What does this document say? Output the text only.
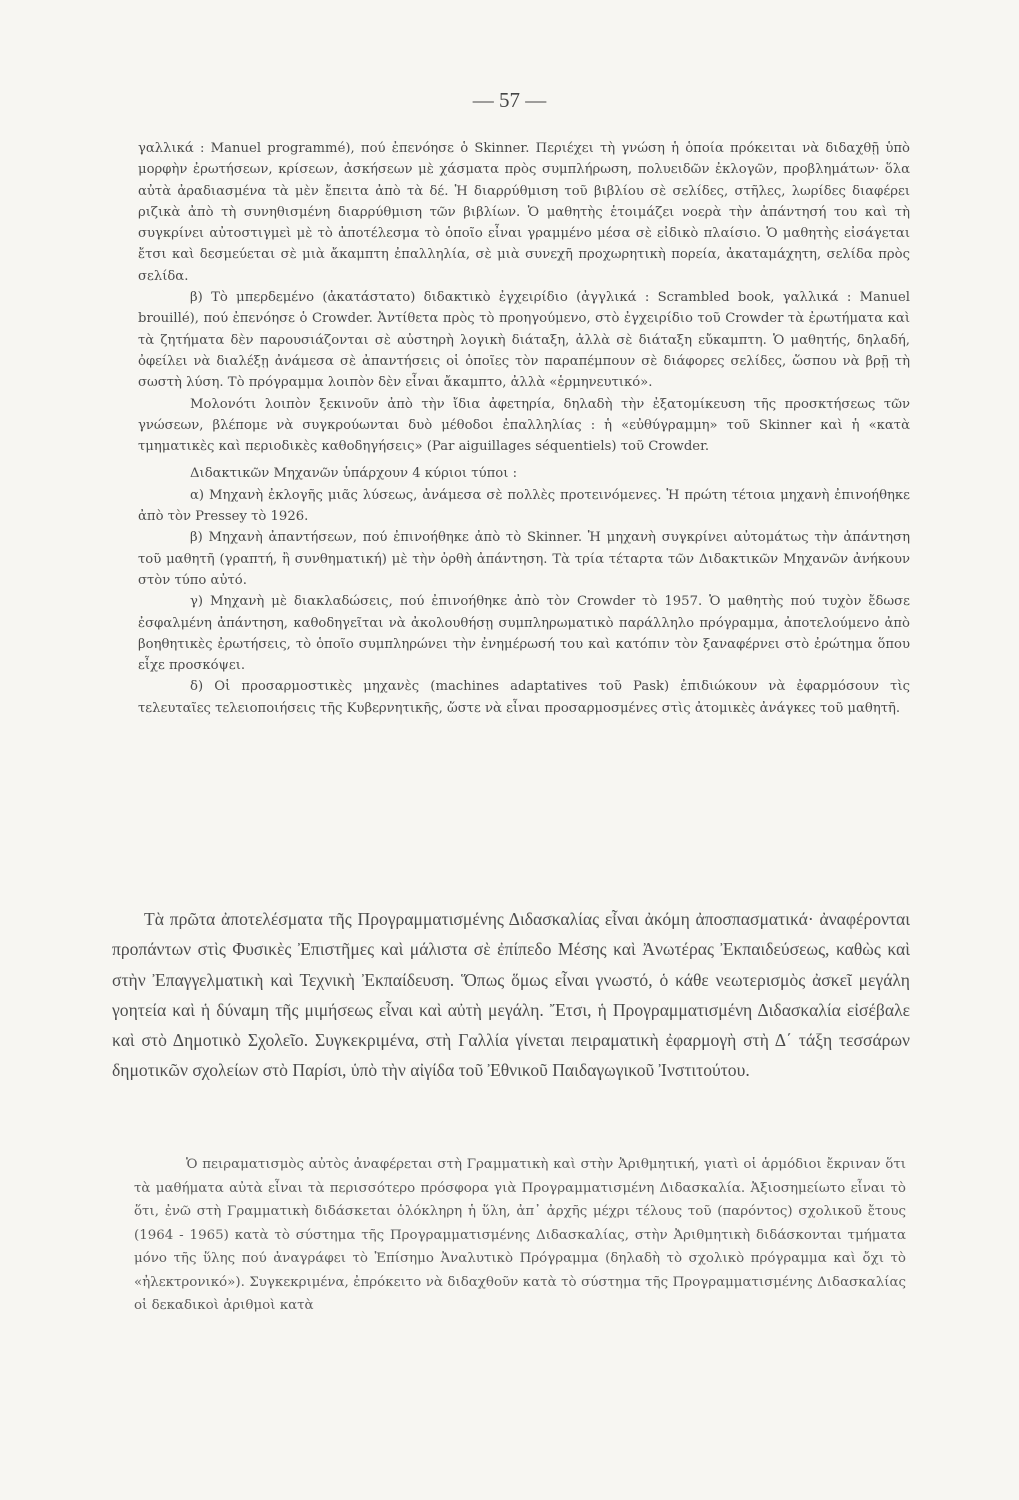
— 57 —

γαλλικά : Manuel programmé), πού ἐπενόησε ὁ Skinner. Περιέχει τὴ γνώση ἡ ὁποία πρόκειται νὰ διδαχθῇ ὑπὸ μορφὴν ἐρωτήσεων, κρίσεων, ἀσκήσεων μὲ χάσματα πρὸς συμπλήρωση, πολυειδῶν ἐκλογῶν, προβλημάτων· ὅλα αὐτὰ ἀραδιασμένα τὰ μὲν ἔπειτα ἀπὸ τὰ δέ. Ἡ διαρρύθμιση τοῦ βιβλίου σὲ σελίδες, στῆλες, λωρίδες διαφέρει ριζικὰ ἀπὸ τὴ συνηθισμένη διαρρύθμιση τῶν βιβλίων. Ὁ μαθητὴς ἑτοιμάζει νοερὰ τὴν ἀπάντησή του καὶ τὴ συγκρίνει αὐτοστιγμεὶ μὲ τὸ ἀποτέλεσμα τὸ ὁποῖο εἶναι γραμμένο μέσα σὲ εἰδικὸ πλαίσιο. Ὁ μαθητὴς εἰσάγεται ἔτσι καὶ δεσμεύεται σὲ μιὰ ἄκαμπτη ἐπαλληλία, σὲ μιὰ συνεχῆ προχωρητικὴ πορεία, ἀκαταμάχητη, σελίδα πρὸς σελίδα.

β) Τὸ μπερδεμένο (ἀκατάστατο) διδακτικὸ ἐγχειρίδιο (ἀγγλικά : Scrambled book, γαλλικά : Manuel brouillé), πού ἐπενόησε ὁ Crowder. Ἀντίθετα πρὸς τὸ προηγούμενο, στὸ ἐγχειρίδιο τοῦ Crowder τὰ ἐρωτήματα καὶ τὰ ζητήματα δὲν παρουσιάζονται σὲ αὐστηρὴ λογικὴ διάταξη, ἀλλὰ σὲ διάταξη εὔκαμπτη. Ὁ μαθητής, δηλαδή, ὀφείλει νὰ διαλέξῃ ἀνάμεσα σὲ ἀπαντήσεις οἱ ὁποῖες τὸν παραπέμπουν σὲ διάφορες σελίδες, ὥσπου νὰ βρῇ τὴ σωστὴ λύση. Τὸ πρόγραμμα λοιπὸν δὲν εἶναι ἄκαμπτο, ἀλλὰ «ἑρμηνευτικό».

Μολονότι λοιπὸν ξεκινοῦν ἀπὸ τὴν ἴδια ἀφετηρία, δηλαδὴ τὴν ἐξατομίκευση τῆς προσκτήσεως τῶν γνώσεων, βλέπομε νὰ συγκρούωνται δυὸ μέθοδοι ἐπαλληλίας : ἡ «εὐθύγραμμη» τοῦ Skinner καὶ ἡ «κατὰ τμηματικὲς καὶ περιοδικὲς καθοδηγήσεις» (Par aiguillages séquentiels) τοῦ Crowder.

Διδακτικῶν Μηχανῶν ὑπάρχουν 4 κύριοι τύποι :

α) Μηχανὴ ἐκλογῆς μιᾶς λύσεως, ἀνάμεσα σὲ πολλὲς προτεινόμενες. Ἡ πρώτη τέτοια μηχανὴ ἐπινοήθηκε ἀπὸ τὸν Pressey τὸ 1926.

β) Μηχανὴ ἀπαντήσεων, πού ἐπινοήθηκε ἀπὸ τὸ Skinner. Ἡ μηχανὴ συγκρίνει αὐτομάτως τὴν ἀπάντηση τοῦ μαθητῆ (γραπτή, ἢ συνθηματική) μὲ τὴν ὀρθὴ ἀπάντηση. Τὰ τρία τέταρτα τῶν Διδακτικῶν Μηχανῶν ἀνήκουν στὸν τύπο αὐτό.

γ) Μηχανὴ μὲ διακλαδώσεις, πού ἐπινοήθηκε ἀπὸ τὸν Crowder τὸ 1957. Ὁ μαθητὴς πού τυχὸν ἔδωσε ἐσφαλμένη ἀπάντηση, καθοδηγεῖται νὰ ἀκολουθήσῃ συμπληρωματικὸ παράλληλο πρόγραμμα, ἀποτελούμενο ἀπὸ βοηθητικὲς ἐρωτήσεις, τὸ ὁποῖο συμπληρώνει τὴν ἐνημέρωσή του καὶ κατόπιν τὸν ξαναφέρνει στὸ ἐρώτημα ὅπου εἶχε προσκόψει.

δ) Οἱ προσαρμοστικὲς μηχανὲς (machines adaptatives τοῦ Pask) ἐπιδιώκουν νὰ ἐφαρμόσουν τὶς τελευταῖες τελειοποιήσεις τῆς Κυβερνητικῆς, ὥστε νὰ εἶναι προσαρμοσμένες στὶς ἀτομικὲς ἀνάγκες τοῦ μαθητῆ.

Τὰ πρῶτα ἀποτελέσματα τῆς Προγραμματισμένης Διδασκαλίας εἶναι ἀκόμη ἀποσπασματικά· ἀναφέρονται προπάντων στὶς Φυσικὲς Ἐπιστῆμες καὶ μάλιστα σὲ ἐπίπεδο Μέσης καὶ Ἀνωτέρας Ἐκπαιδεύσεως, καθὼς καὶ στὴν Ἐπαγγελματικὴ καὶ Τεχνικὴ Ἐκπαίδευση. Ὅπως ὅμως εἶναι γνωστό, ὁ κάθε νεωτερισμὸς ἀσκεῖ μεγάλη γοητεία καὶ ἡ δύναμη τῆς μιμήσεως εἶναι καὶ αὐτὴ μεγάλη. Ἔτσι, ἡ Προγραμματισμένη Διδασκαλία εἰσέβαλε καὶ στὸ Δημοτικὸ Σχολεῖο. Συγκεκριμένα, στὴ Γαλλία γίνεται πειραματικὴ ἐφαρμογὴ στὴ Δ΄ τάξη τεσσάρων δημοτικῶν σχολείων στὸ Παρίσι, ὑπὸ τὴν αἰγίδα τοῦ Ἐθνικοῦ Παιδαγωγικοῦ Ἰνστιτούτου.

Ὁ πειραματισμὸς αὐτὸς ἀναφέρεται στὴ Γραμματικὴ καὶ στὴν Ἀριθμητική, γιατὶ οἱ ἁρμόδιοι ἔκριναν ὅτι τὰ μαθήματα αὐτὰ εἶναι τὰ περισσότερο πρόσφορα γιὰ Προγραμματισμένη Διδασκαλία. Ἀξιοσημείωτο εἶναι τὸ ὅτι, ἐνῶ στὴ Γραμματικὴ διδάσκεται ὁλόκληρη ἡ ὕλη, ἀπ᾿ ἀρχῆς μέχρι τέλους τοῦ (παρόντος) σχολικοῦ ἔτους (1964 - 1965) κατὰ τὸ σύστημα τῆς Προγραμματισμένης Διδασκαλίας, στὴν Ἀριθμητικὴ διδάσκονται τμήματα μόνο τῆς ὕλης πού ἀναγράφει τὸ Ἐπίσημο Ἀναλυτικὸ Πρόγραμμα (δηλαδὴ τὸ σχολικὸ πρόγραμμα καὶ ὄχι τὸ «ἠλεκτρονικό»). Συγκεκριμένα, ἐπρόκειτο νὰ διδαχθοῦν κατὰ τὸ σύστημα τῆς Προγραμματισμένης Διδασκαλίας οἱ δεκαδικοὶ ἀριθμοὶ κατὰ
